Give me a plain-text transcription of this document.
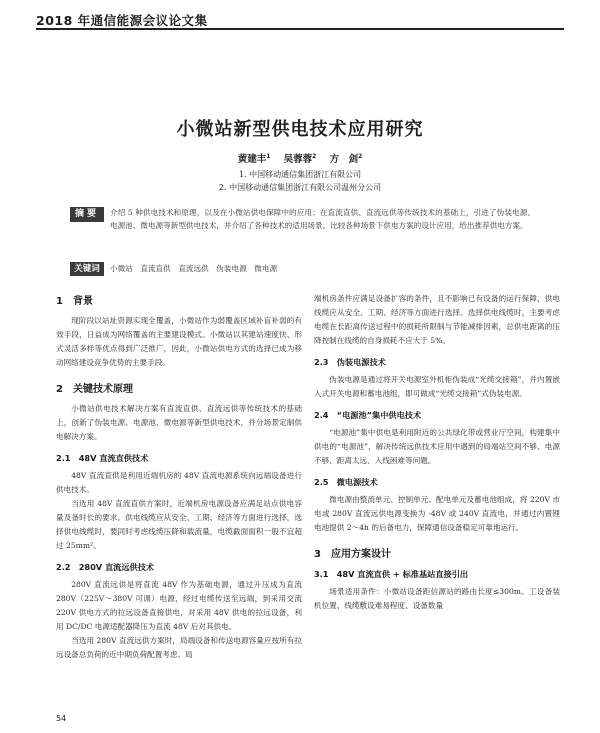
2018 年通信能源会议论文集
小微站新型供电技术应用研究
黄建丰$^1$ 吴蓉蓉$^2$ 方　剑$^2$
1. 中国移动通信集团浙江有限公司
2. 中国移动通信集团浙江有限公司温州分公司
摘要	介绍 5 种供电技术和原理，以及在小微站供电保障中的应用；在直流直供、直流远供等传统技术的基础上，引进了伪装电源、电源池、微电源等新型供电技术，并介绍了各种技术的适用场景，比较各种场景下供电方案的设计应用，给出推荐供电方案。
关键词	小微站　直流直供　直流远供　伪装电源　微电源

1　背景

现阶段以站址资源实现全覆盖，小微站作为弱覆盖区域补盲补弱的有效手段，日益成为网络覆盖的主要建设模式。小微站以其建站速度快、形式灵活多样等优点得到广泛推广，因此，小微站供电方式的选择已成为移动网络建设竞争优势的主要手段。

2　关键技术原理

小微站供电技术解决方案有直流直供、直流远供等传统技术的基础上，创新了伪装电源、电源池、微电源等新型供电技术，并分场景定制供电解决方案。

2.1　48V 直流直供技术

48V 直流直供是利用近端机房的 48V 直流电源系统向远端设备进行供电技术。

当选用 48V 直流直供方案时，近端机房电源设备应满足站点供电容量及备时长的要求。供电线缆应从安全、工期、经济等方面进行选择，选择供电线缆时，要同时考虑线缆压降和载流量，电缆截面面积一般不宜超过 25mm²。

2.2　280V 直流远供技术

280V 直流远供是将直流 48V 作为基础电源，通过升压成为直流 280V（225V～380V 可调）电源，经过电缆传送至远端，到采用交流 220V 供电方式的拉远设备直接供电，对采用 48V 供电的拉远设备，利用 DC/DC 电源适配器降压为直流 48V 后对其供电。

当选用 280V 直流远供方案时，局端设备和传送电源容量应按所有拉远设备总负荷的近中期负荷配置考虑。局

端机房条件应满足设备扩容的条件，且不影响已有设备的运行保障，供电线缆应从安全、工期、经济等方面进行选择。选择供电线缆时，主要考虑电缆在长距离传送过程中的损耗所限制与节能减排因素，总供电距离的压降控制在线缆的自身损耗不应大于 5%。

2.3　伪装电源技术

伪装电源是通过将开关电源室外机柜伪装成“光缆交接箱”，并内置嵌入式开关电源和蓄电池组，即可做成“光缆交接箱”式伪装电源。

2.4　“电源池”集中供电技术

“电源池”集中供电是利用附近的公共绿化带或营业厅空间，构建集中供电的“电源池”，解决传统远供技术应用中遇到的局端站空间不够、电源不够、距离太远、入线困难等问题。

2.5　微电源技术

微电源由整流单元、控制单元、配电单元及蓄电池组成，将 220V 市电或 280V 直流远供电源变换为 -48V 或 240V 直流电，并通过内置锂电池提供 2～4h 的后备电力，保障通信设备稳定可靠地运行。

3　应用方案设计

3.1　48V 直流直供 + 标准基站直接引出

场景适用条件：小微站设备距信源站的路由长度≤300m。工设备装机位置、线缆敷设难易程度、设备数量

54
